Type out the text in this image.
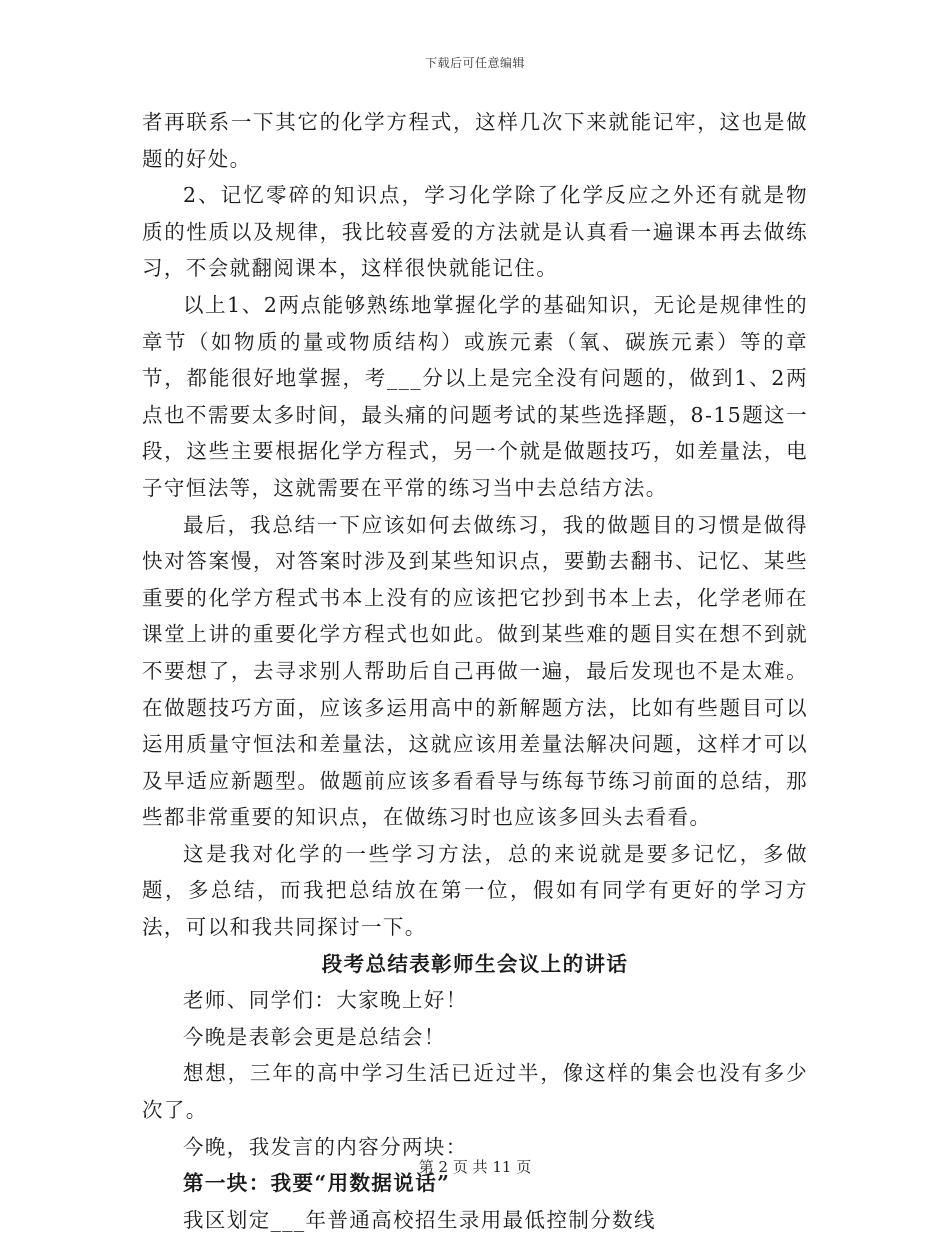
下载后可任意编辑

者再联系一下其它的化学方程式，这样几次下来就能记牢，这也是做题的好处。

2、记忆零碎的知识点，学习化学除了化学反应之外还有就是物质的性质以及规律，我比较喜爱的方法就是认真看一遍课本再去做练习，不会就翻阅课本，这样很快就能记住。

以上1、2两点能够熟练地掌握化学的基础知识，无论是规律性的章节（如物质的量或物质结构）或族元素（氧、碳族元素）等的章节，都能很好地掌握，考___分以上是完全没有问题的，做到1、2两点也不需要太多时间，最头痛的问题考试的某些选择题，8-15题这一段，这些主要根据化学方程式，另一个就是做题技巧，如差量法，电子守恒法等，这就需要在平常的练习当中去总结方法。

最后，我总结一下应该如何去做练习，我的做题目的习惯是做得快对答案慢，对答案时涉及到某些知识点，要勤去翻书、记忆、某些重要的化学方程式书本上没有的应该把它抄到书本上去，化学老师在课堂上讲的重要化学方程式也如此。做到某些难的题目实在想不到就不要想了，去寻求别人帮助后自己再做一遍，最后发现也不是太难。在做题技巧方面，应该多运用高中的新解题方法，比如有些题目可以运用质量守恒法和差量法，这就应该用差量法解决问题，这样才可以及早适应新题型。做题前应该多看看导与练每节练习前面的总结，那些都非常重要的知识点，在做练习时也应该多回头去看看。

这是我对化学的一些学习方法，总的来说就是要多记忆，多做题，多总结，而我把总结放在第一位，假如有同学有更好的学习方法，可以和我共同探讨一下。

段考总结表彰师生会议上的讲话

老师、同学们：大家晚上好！

今晚是表彰会更是总结会！

想想，三年的高中学习生活已近过半，像这样的集会也没有多少次了。

今晚，我发言的内容分两块：

第一块：我要“用数据说话”

我区划定___年普通高校招生录用最低控制分数线

第 2 页 共 11 页
